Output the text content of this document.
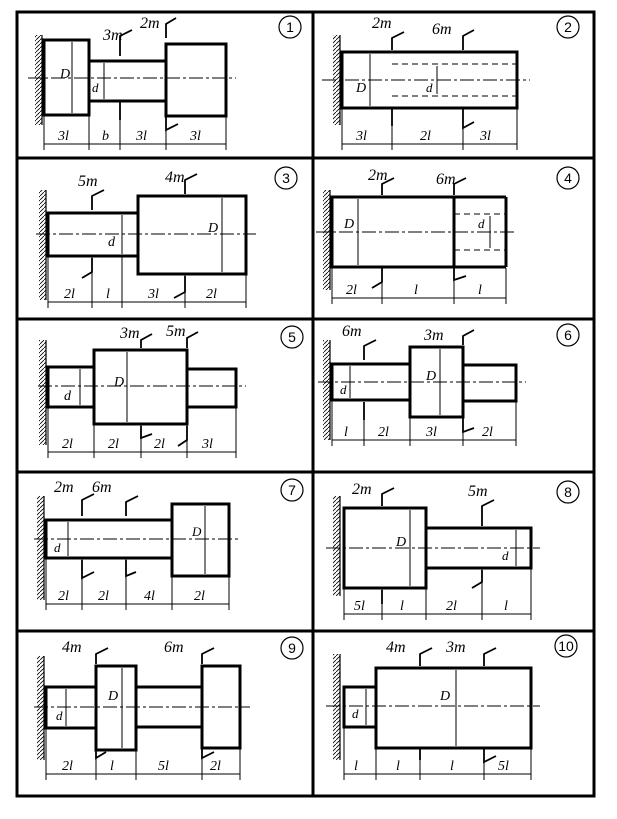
1
3m
2m
D
d
3l b 3l	3l
2
2m	6m
D	d
3l	2l	3l
3
5m	4m
d
D
2l l	3l	2l
4
2m	6m
D	d
2l	l	l
5
3m 5m
d
D
2l	2l	2l	3l
6
6m	3m
d
D
l 2l	3l	2l
7
2m 6m
d
D
2l 2l	4l	2l
8
2m	5m
D
d
5l	l	2l	l
9
4m	6m
d
D
2l	l	5l	2l
10
4m	3m
d
D
l	l	l	5l
